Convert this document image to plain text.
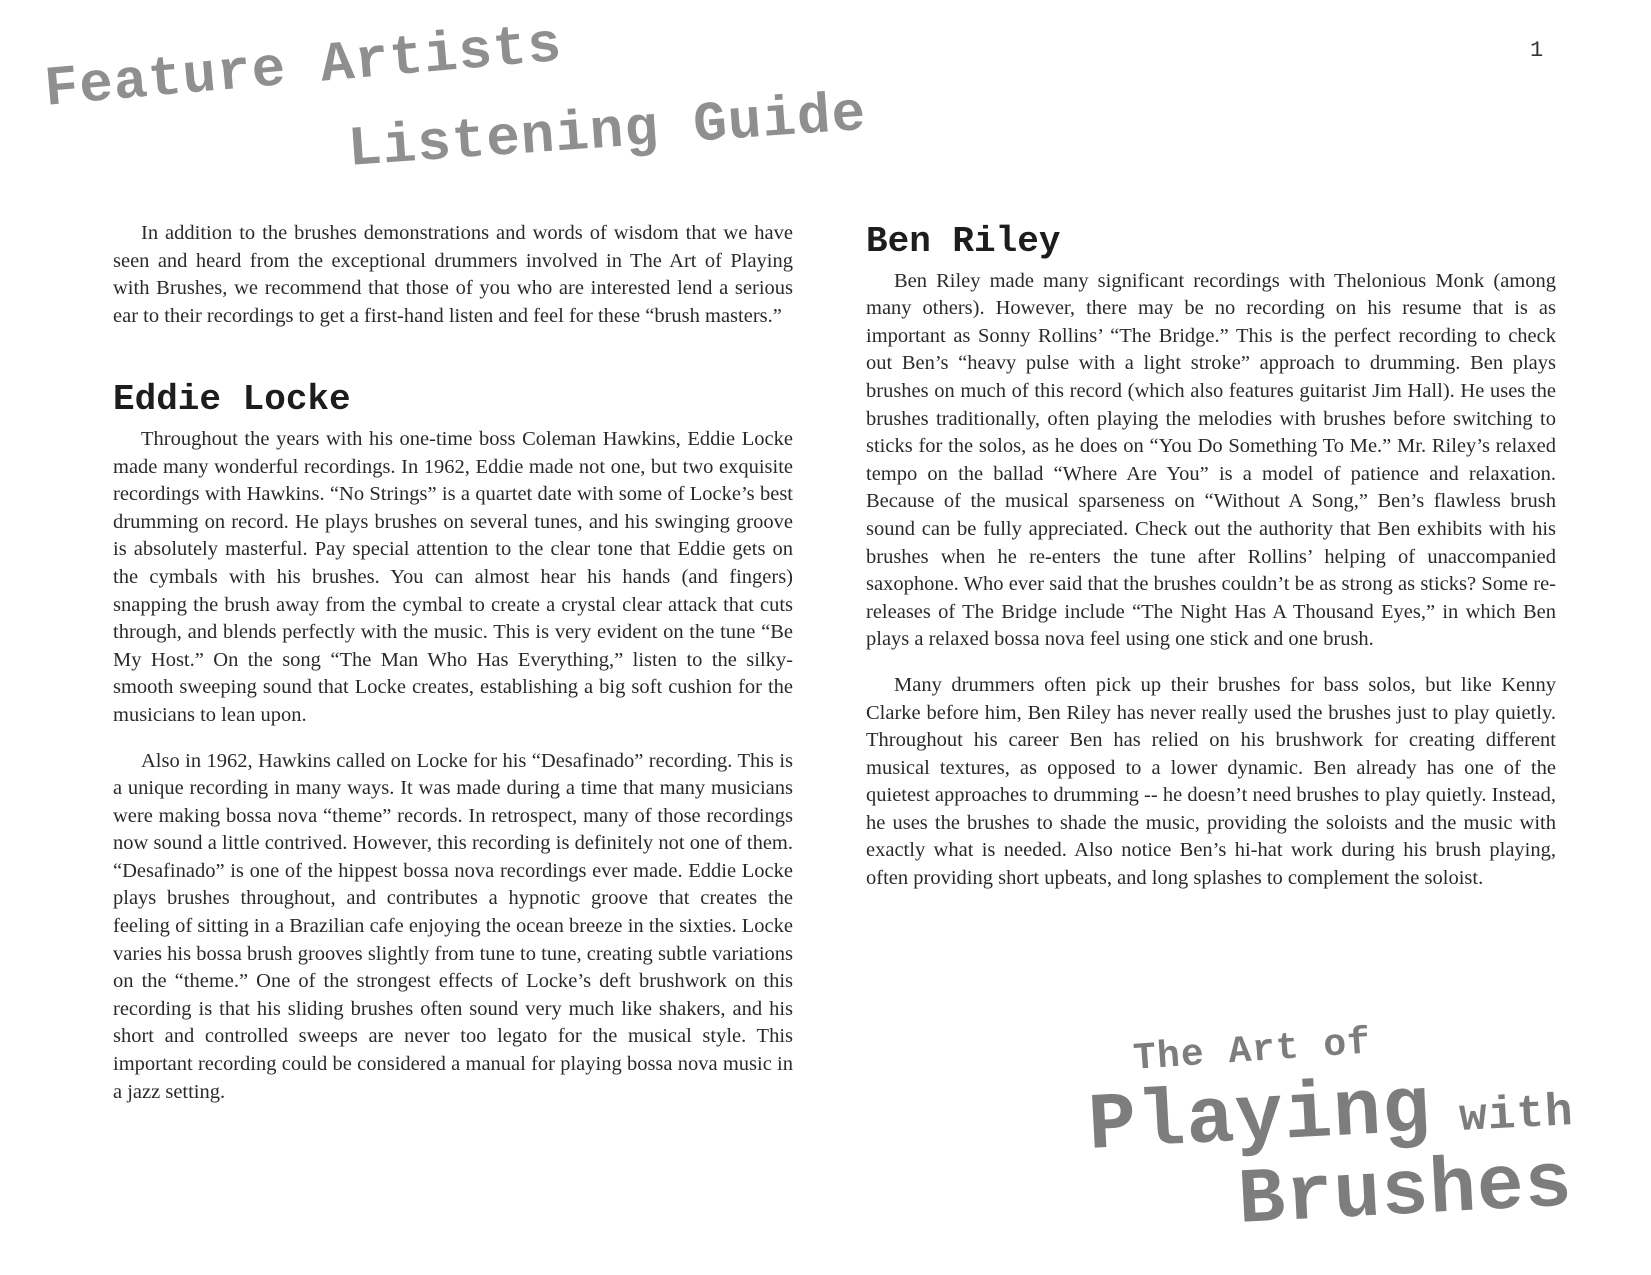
1
Feature Artists
Listening Guide

In addition to the brushes demonstrations and words of wisdom that we have seen and heard from the exceptional drummers involved in The Art of Playing with Brushes, we recommend that those of you who are interested lend a serious ear to their recordings to get a first-hand listen and feel for these “brush masters.”

Eddie Locke

Throughout the years with his one-time boss Coleman Hawkins, Eddie Locke made many wonderful recordings. In 1962, Eddie made not one, but two exquisite recordings with Hawkins. “No Strings” is a quartet date with some of Locke’s best drumming on record. He plays brushes on several tunes, and his swinging groove is absolutely masterful. Pay special attention to the clear tone that Eddie gets on the cymbals with his brushes. You can almost hear his hands (and fingers) snapping the brush away from the cymbal to create a crystal clear attack that cuts through, and blends perfectly with the music. This is very evident on the tune “Be My Host.” On the song “The Man Who Has Everything,” listen to the silky-smooth sweeping sound that Locke creates, establishing a big soft cushion for the musicians to lean upon.

Also in 1962, Hawkins called on Locke for his “Desafinado” recording. This is a unique recording in many ways. It was made during a time that many musicians were making bossa nova “theme” records. In retrospect, many of those recordings now sound a little contrived. However, this recording is definitely not one of them. “Desafinado” is one of the hippest bossa nova recordings ever made. Eddie Locke plays brushes throughout, and contributes a hypnotic groove that creates the feeling of sitting in a Brazilian cafe enjoying the ocean breeze in the sixties. Locke varies his bossa brush grooves slightly from tune to tune, creating subtle variations on the “theme.” One of the strongest effects of Locke’s deft brushwork on this recording is that his sliding brushes often sound very much like shakers, and his short and controlled sweeps are never too legato for the musical style. This important recording could be considered a manual for playing bossa nova music in a jazz setting.

Ben Riley

Ben Riley made many significant recordings with Thelonious Monk (among many others). However, there may be no recording on his resume that is as important as Sonny Rollins’ “The Bridge.” This is the perfect recording to check out Ben’s “heavy pulse with a light stroke” approach to drumming. Ben plays brushes on much of this record (which also features guitarist Jim Hall). He uses the brushes traditionally, often playing the melodies with brushes before switching to sticks for the solos, as he does on “You Do Something To Me.” Mr. Riley’s relaxed tempo on the ballad “Where Are You” is a model of patience and relaxation. Because of the musical sparseness on “Without A Song,” Ben’s flawless brush sound can be fully appreciated. Check out the authority that Ben exhibits with his brushes when he re-enters the tune after Rollins’ helping of unaccompanied saxophone. Who ever said that the brushes couldn’t be as strong as sticks? Some re-releases of The Bridge include “The Night Has A Thousand Eyes,” in which Ben plays a relaxed bossa nova feel using one stick and one brush.

Many drummers often pick up their brushes for bass solos, but like Kenny Clarke before him, Ben Riley has never really used the brushes just to play quietly. Throughout his career Ben has relied on his brushwork for creating different musical textures, as opposed to a lower dynamic. Ben already has one of the quietest approaches to drumming -- he doesn’t need brushes to play quietly. Instead, he uses the brushes to shade the music, providing the soloists and the music with exactly what is needed. Also notice Ben’s hi-hat work during his brush playing, often providing short upbeats, and long splashes to complement the soloist.

The Art of
Playing with
Brushes
